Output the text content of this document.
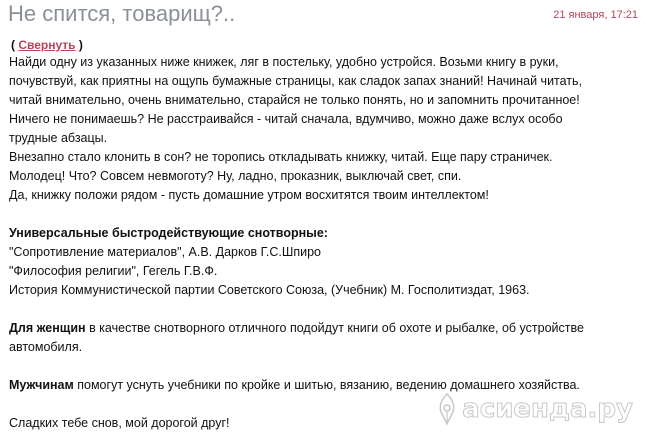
Не спится, товарищ?..	21 января, 17:21
( Свернуть )
Найди одну из указанных ниже книжек, ляг в постельку, удобно устройся. Возьми книгу в руки,
почувствуй, как приятны на ощупь бумажные страницы, как сладок запах знаний! Начинай читать,
читай внимательно, очень внимательно, старайся не только понять, но и запомнить прочитанное!
Ничего не понимаешь? Не расстраивайся - читай сначала, вдумчиво, можно даже вслух особо
трудные абзацы.
Внезапно стало клонить в сон? не торопись откладывать книжку, читай. Еще пару страничек.
Молодец! Что? Совсем невмоготу? Ну, ладно, проказник, выключай свет, спи.
Да, книжку положи рядом - пусть домашние утром восхитятся твоим интеллектом!
Универсальные быстродействующие снотворные:
"Сопротивление материалов", А.В. Дарков Г.С.Шпиро
"Философия религии", Гегель Г.В.Ф.
История Коммунистической партии Советского Союза, (Учебник) М. Госполитиздат, 1963.
Для женщин в качестве снотворного отличного подойдут книги об охоте и рыбалке, об устройстве
автомобиля.
Мужчинам помогут уснуть учебники по кройке и шитью, вязанию, ведению домашнего хозяйства.
Сладких тебе снов, мой дорогой друг!	асиенда.ру
